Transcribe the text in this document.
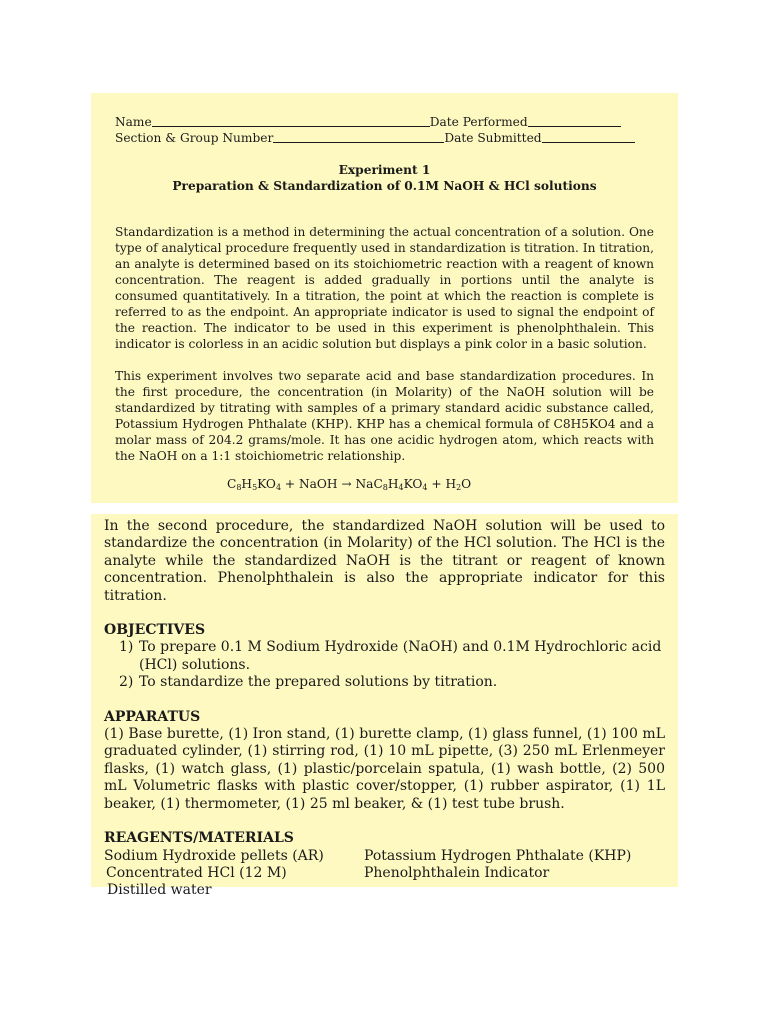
Name	Date Performed
Section & Group Number	Date Submitted
Experiment 1
Preparation & Standardization of 0.1M NaOH & HCl solutions

Standardization is a method in determining the actual concentration of a solution. One type of analytical procedure frequently used in standardization is titration. In titration, an analyte is determined based on its stoichiometric reaction with a reagent of known concentration. The reagent is added gradually in portions until the analyte is consumed quantitatively. In a titration, the point at which the reaction is complete is referred to as the endpoint. An appropriate indicator is used to signal the endpoint of the reaction. The indicator to be used in this experiment is phenolphthalein. This indicator is colorless in an acidic solution but displays a pink color in a basic solution.

This experiment involves two separate acid and base standardization procedures. In the first procedure, the concentration (in Molarity) of the NaOH solution will be standardized by titrating with samples of a primary standard acidic substance called, Potassium Hydrogen Phthalate (KHP). KHP has a chemical formula of C8H5KO4 and a molar mass of 204.2 grams/mole. It has one acidic hydrogen atom, which reacts with the NaOH on a 1:1 stoichiometric relationship.

$C_8H_5KO_4$ + NaOH → $NaC_8H_4KO_4 + H_2O$

In the second procedure, the standardized NaOH solution will be used to standardize the concentration (in Molarity) of the HCl solution. The HCl is the analyte while the standardized NaOH is the titrant or reagent of known concentration. Phenolphthalein is also the appropriate indicator for this titration.

OBJECTIVES
1) To prepare 0.1 M Sodium Hydroxide (NaOH) and 0.1M Hydrochloric acid (HCl) solutions.
2) To standardize the prepared solutions by titration.
APPARATUS

(1) Base burette, (1) Iron stand, (1) burette clamp, (1) glass funnel, (1) 100 mL graduated cylinder, (1) stirring rod, (1) 10 mL pipette, (3) 250 mL Erlenmeyer flasks, (1) watch glass, (1) plastic/porcelain spatula, (1) wash bottle, (2) 500 mL Volumetric flasks with plastic cover/stopper, (1) rubber aspirator, (1) 1L beaker, (1) thermometer, (1) 25 ml beaker, & (1) test tube brush.

REAGENTS/MATERIALS
Sodium Hydroxide pellets (AR)	Potassium Hydrogen Phthalate (KHP)
Concentrated HCl (12 M)	Phenolphthalein Indicator
Distilled water
